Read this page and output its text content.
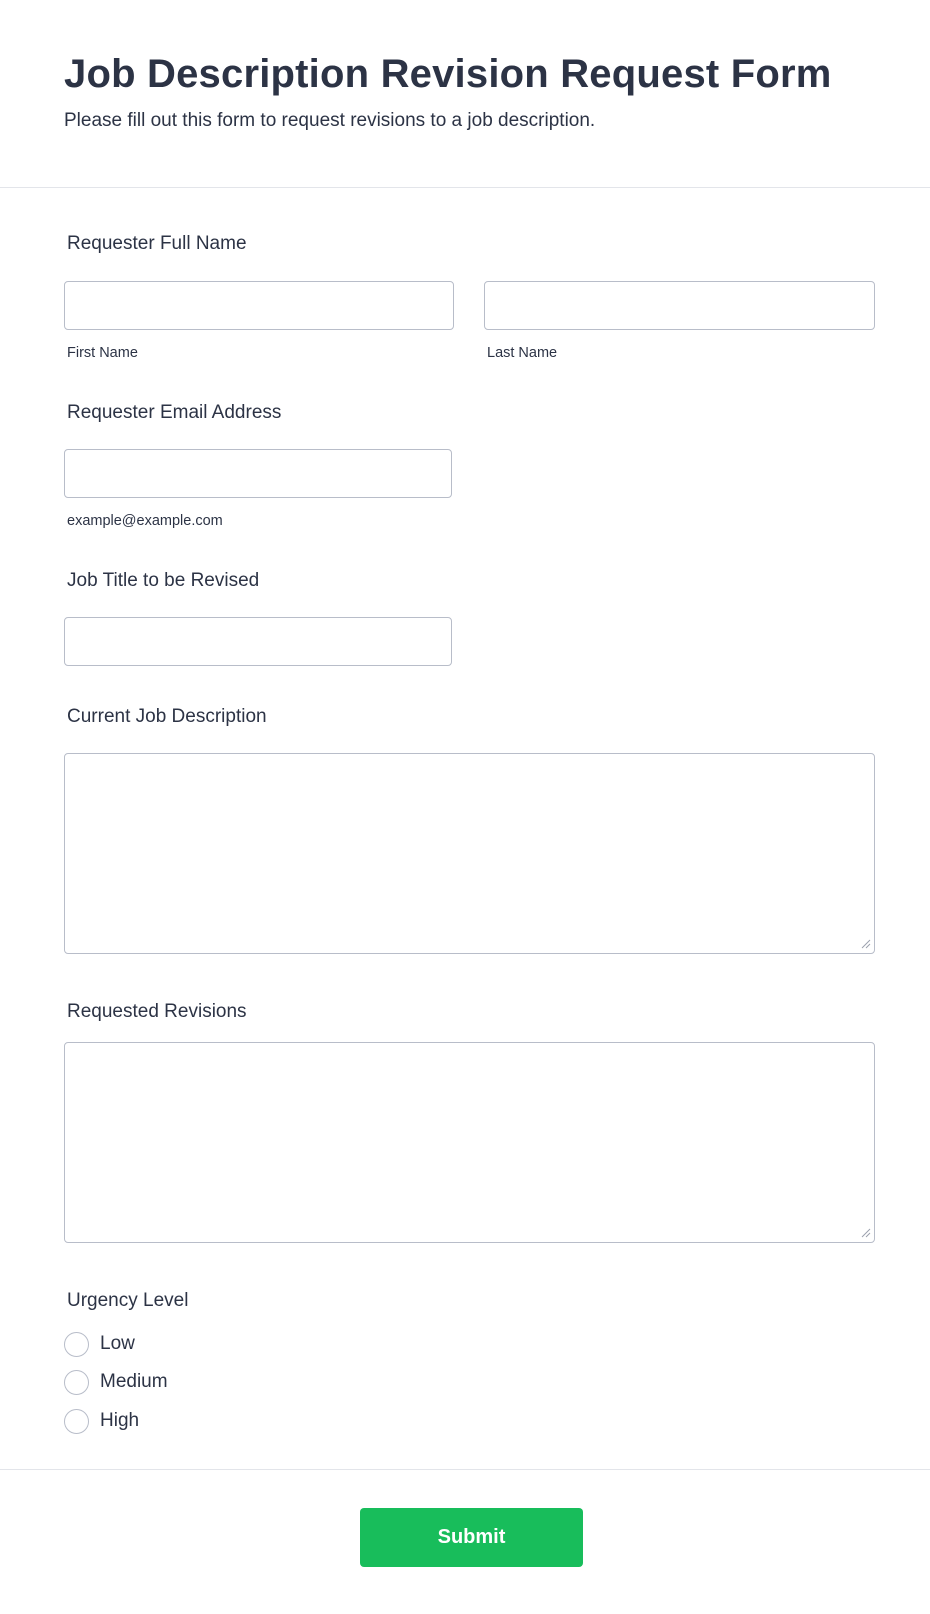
Job Description Revision Request Form
Please fill out this form to request revisions to a job description.
Requester Full Name
First Name	Last Name
Requester Email Address
example@example.com
Job Title to be Revised
Current Job Description
Requested Revisions
Urgency Level
Low
Medium
High
Submit
